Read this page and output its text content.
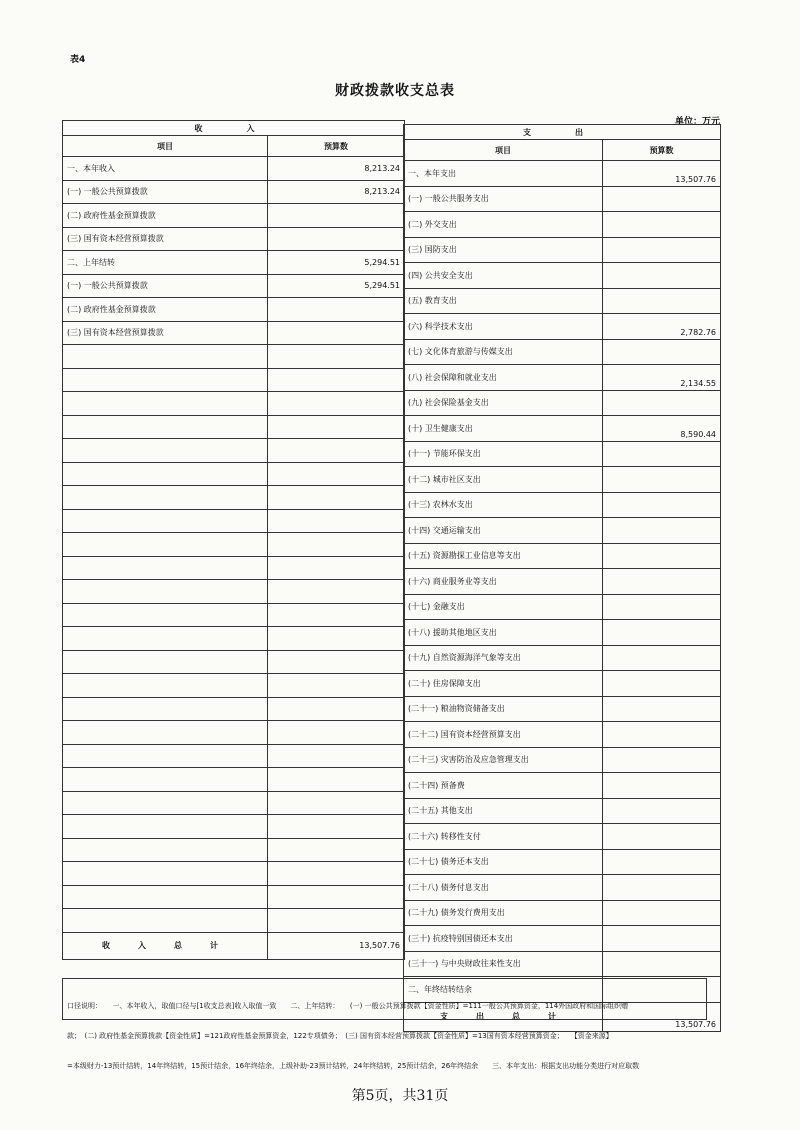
表4
财政拨款收支总表
单位：万元
收　入	
项目	预算数
一、本年收入	8,213.24
(一) 一般公共预算拨款	8,213.24
(二) 政府性基金预算拨款	
(三) 国有资本经营预算拨款	
二、上年结转	5,294.51
(一) 一般公共预算拨款	5,294.51
(二) 政府性基金预算拨款	
(三) 国有资本经营预算拨款	

收　入　总　计	13,507.76
支　出	
项目	预算数
一、本年支出	13,507.76
(一) 一般公共服务支出	
(二) 外交支出	
(三) 国防支出	
(四) 公共安全支出	
(五) 教育支出	
(六) 科学技术支出	2,782.76
(七) 文化体育旅游与传媒支出	
(八) 社会保障和就业支出	2,134.55
(九) 社会保险基金支出	
(十) 卫生健康支出	8,590.44
(十一) 节能环保支出	
(十二) 城市社区支出	
(十三) 农林水支出	
(十四) 交通运输支出	
(十五) 资源勘探工业信息等支出	
(十六) 商业服务业等支出	
(十七) 金融支出	
(十八) 援助其他地区支出	
(十九) 自然资源海洋气象等支出	
(二十) 住房保障支出	
(二十一) 粮油物资储备支出	
(二十二) 国有资本经营预算支出	
(二十三) 灾害防治及应急管理支出	
(二十四) 预备费	
(二十五) 其他支出	
(二十六) 转移性支付	
(二十七) 债务还本支出	
(二十八) 债务付息支出	
(二十九) 债务发行费用支出	
(三十) 抗疫特别国债还本支出	
(三十一) 与中央财政往来性支出	
二、年终结转结余	
支　出　总　计	13,507.76

口径说明：　　一、本年收入，取值口径与[1收支总表]收入取值一致　　二、上年结转：　　(一) 一般公共预算拨款【资金性质】=111一般公共预算资金，114外国政府和国际组织赠

款；　(二) 政府性基金预算拨款【资金性质】=121政府性基金预算资金，122专项债务；　(三) 国有资本经营预算拨款【资金性质】=13国有资本经营预算资金；　　【资金来源】

=本级财力-13预计结转，14年终结转，15预计结余，16年终结余，上级补助-23预计结转，24年终结转，25预计结余，26年终结余　　三、本年支出：根据支出功能分类进行对应取数

第5页，共31页
